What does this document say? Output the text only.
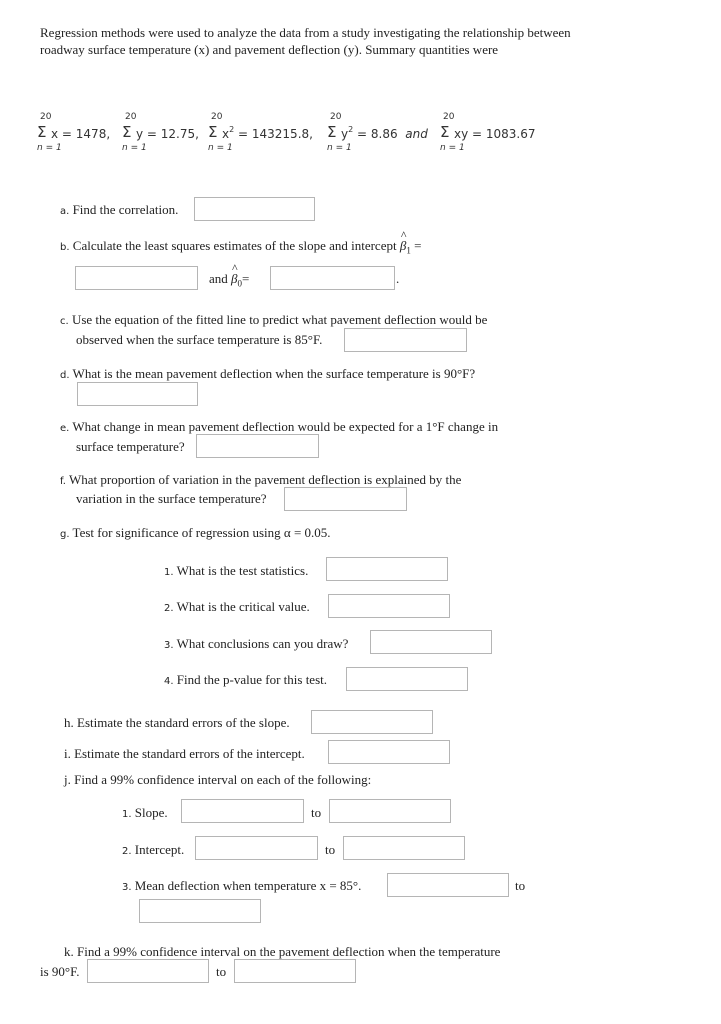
Regression methods were used to analyze the data from a study investigating the relationship between roadway surface temperature (x) and pavement deflection (y). Summary quantities were
20
Σ
n = 1
x = 1478,
20
Σ
n = 1
y = 12.75,
20
Σ
n = 1
$x^2 = 143215.8$,
20
Σ
n = 1
$y^2 = 8.86$ and
20
Σ
n = 1
xy = 1083.67
a. Find the correlation.
b. Calculate the least squares estimates of the slope and intercept ^ $\beta_1$ =
and ^ $\beta_0=$	.
c. Use the equation of the fitted line to predict what pavement deflection would be
observed when the surface temperature is 85°F.
d. What is the mean pavement deflection when the surface temperature is 90°F?
e. What change in mean pavement deflection would be expected for a 1°F change in
surface temperature?
f. What proportion of variation in the pavement deflection is explained by the
variation in the surface temperature?
g. Test for significance of regression using α = 0.05.
1. What is the test statistics.
2. What is the critical value.
3. What conclusions can you draw?
4. Find the p-value for this test.
h. Estimate the standard errors of the slope.
i. Estimate the standard errors of the intercept.
j. Find a 99% confidence interval on each of the following:
1. Slope.	to
2. Intercept.	to
3. Mean deflection when temperature x = 85°.	to
k. Find a 99% confidence interval on the pavement deflection when the temperature
is 90°F.	to
